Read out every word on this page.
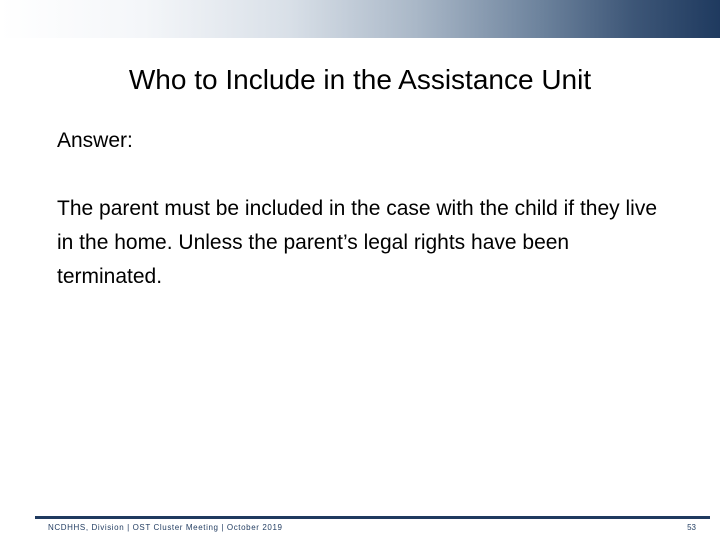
Who to Include in the Assistance Unit

Answer:

The parent must be included in the case with the child if they live in the home. Unless the parent’s legal rights have been terminated.

NCDHHS, Division | OST Cluster Meeting | October 2019	53
